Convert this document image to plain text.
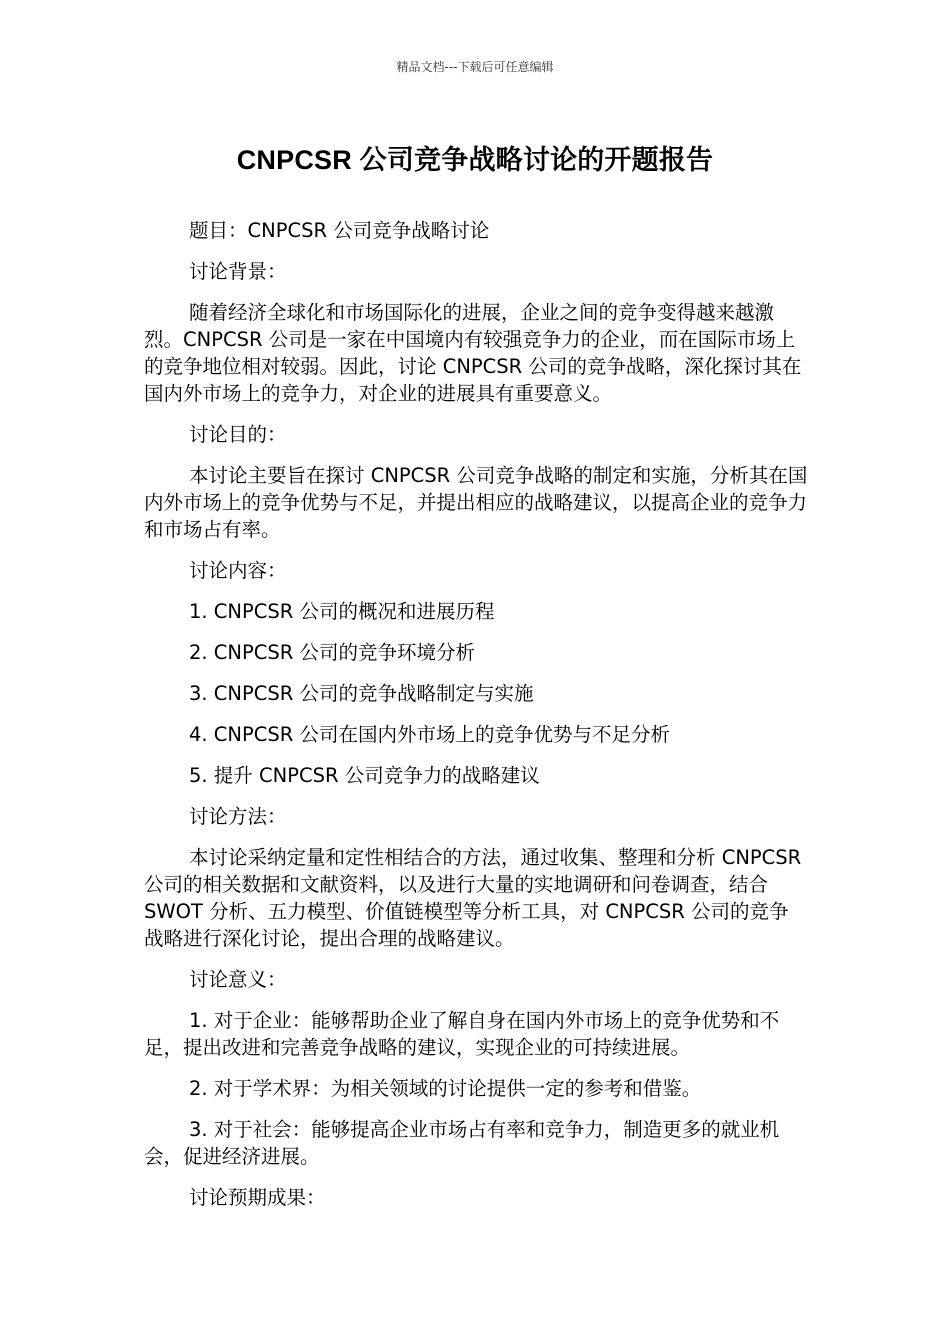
精品文档---下载后可任意编辑
CNPCSR 公司竞争战略讨论的开题报告

题目：CNPCSR 公司竞争战略讨论

讨论背景：

随着经济全球化和市场国际化的进展，企业之间的竞争变得越来越激烈。CNPCSR 公司是一家在中国境内有较强竞争力的企业，而在国际市场上的竞争地位相对较弱。因此，讨论 CNPCSR 公司的竞争战略，深化探讨其在国内外市场上的竞争力，对企业的进展具有重要意义。

讨论目的：

本讨论主要旨在探讨 CNPCSR 公司竞争战略的制定和实施，分析其在国内外市场上的竞争优势与不足，并提出相应的战略建议，以提高企业的竞争力和市场占有率。

讨论内容：

1. CNPCSR 公司的概况和进展历程

2. CNPCSR 公司的竞争环境分析

3. CNPCSR 公司的竞争战略制定与实施

4. CNPCSR 公司在国内外市场上的竞争优势与不足分析

5. 提升 CNPCSR 公司竞争力的战略建议

讨论方法：

本讨论采纳定量和定性相结合的方法，通过收集、整理和分析 CNPCSR 公司的相关数据和文献资料，以及进行大量的实地调研和问卷调查，结合 SWOT 分析、五力模型、价值链模型等分析工具，对 CNPCSR 公司的竞争战略进行深化讨论，提出合理的战略建议。

讨论意义：

1. 对于企业：能够帮助企业了解自身在国内外市场上的竞争优势和不足，提出改进和完善竞争战略的建议，实现企业的可持续进展。

2. 对于学术界：为相关领域的讨论提供一定的参考和借鉴。

3. 对于社会：能够提高企业市场占有率和竞争力，制造更多的就业机会，促进经济进展。

讨论预期成果：
